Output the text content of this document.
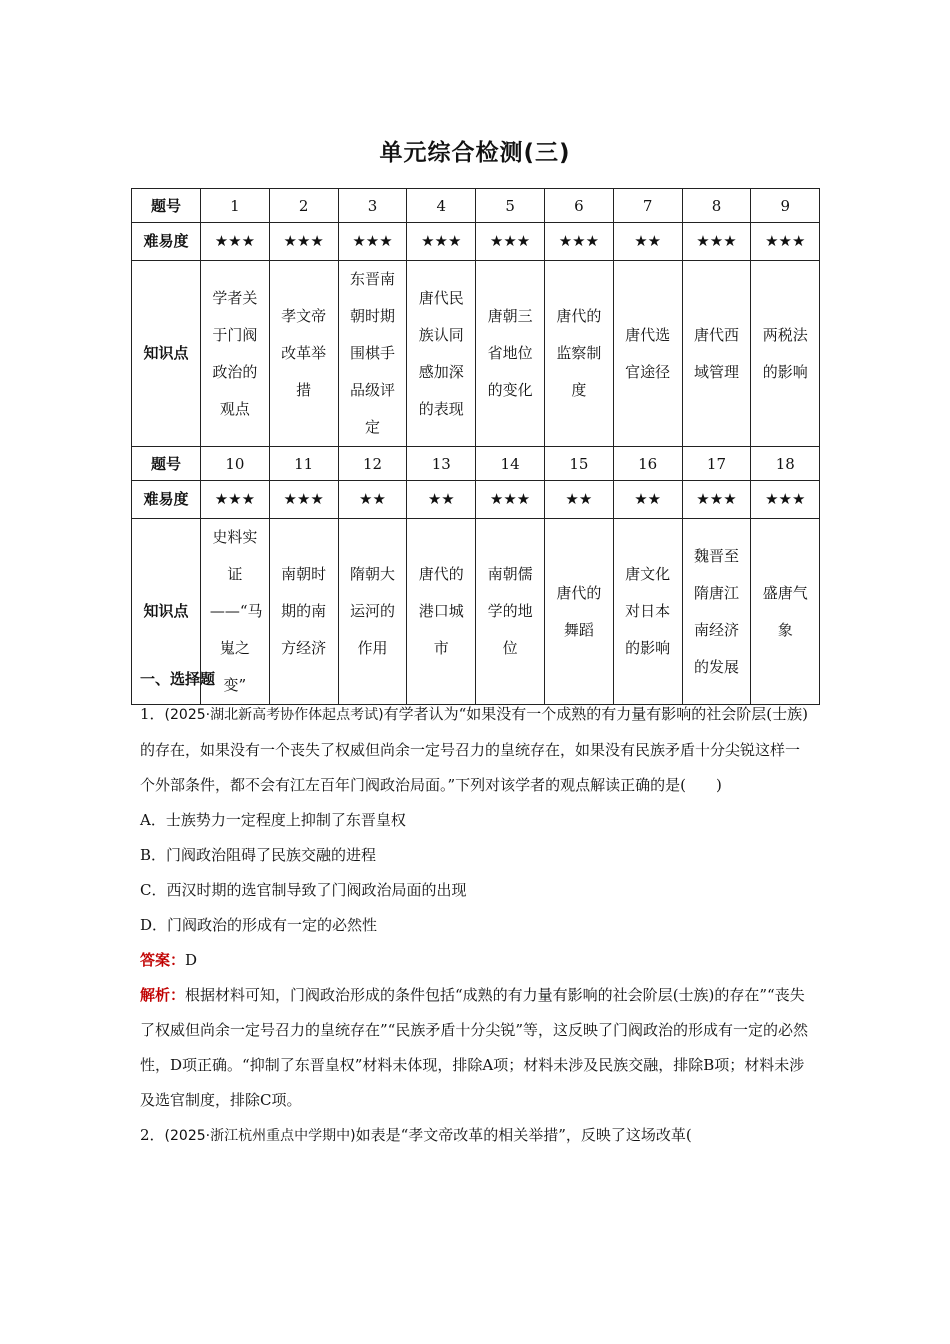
单元综合检测(三)
题号	1	2	3	4	5	6	7	8	9
难易度	★★★	★★★	★★★	★★★	★★★	★★★	★★	★★★	★★★
知识点	学者关于门阀政治的观点	孝文帝改革举措	东晋南朝时期围棋手品级评定	唐代民族认同感加深的表现	唐朝三省地位的变化	唐代的监察制度	唐代选官途径	唐代西域管理	两税法的影响
题号	10	11	12	13	14	15	16	17	18
难易度	★★★	★★★	★★	★★	★★★	★★	★★	★★★	★★★
知识点	史料实证——“马嵬之变”	南朝时期的南方经济	隋朝大运河的作用	唐代的港口城市	南朝儒学的地位	唐代的舞蹈	唐文化对日本的影响	魏晋至隋唐江南经济的发展	盛唐气象

一、选择题

1．(2025·湖北新高考协作体起点考试)有学者认为“如果没有一个成熟的有力量有影响的社会阶层(士族)的存在，如果没有一个丧失了权威但尚余一定号召力的皇统存在，如果没有民族矛盾十分尖锐这样一个外部条件，都不会有江左百年门阀政治局面。”下列对该学者的观点解读正确的是(　　)

A．士族势力一定程度上抑制了东晋皇权

B．门阀政治阻碍了民族交融的进程

C．西汉时期的选官制导致了门阀政治局面的出现

D．门阀政治的形成有一定的必然性

答案：D

解析：根据材料可知，门阀政治形成的条件包括“成熟的有力量有影响的社会阶层(士族)的存在”“丧失了权威但尚余一定号召力的皇统存在”“民族矛盾十分尖锐”等，这反映了门阀政治的形成有一定的必然性，D项正确。“抑制了东晋皇权”材料未体现，排除A项；材料未涉及民族交融，排除B项；材料未涉及选官制度，排除C项。

2．(2025·浙江杭州重点中学期中)如表是“孝文帝改革的相关举措”，反映了这场改革(
